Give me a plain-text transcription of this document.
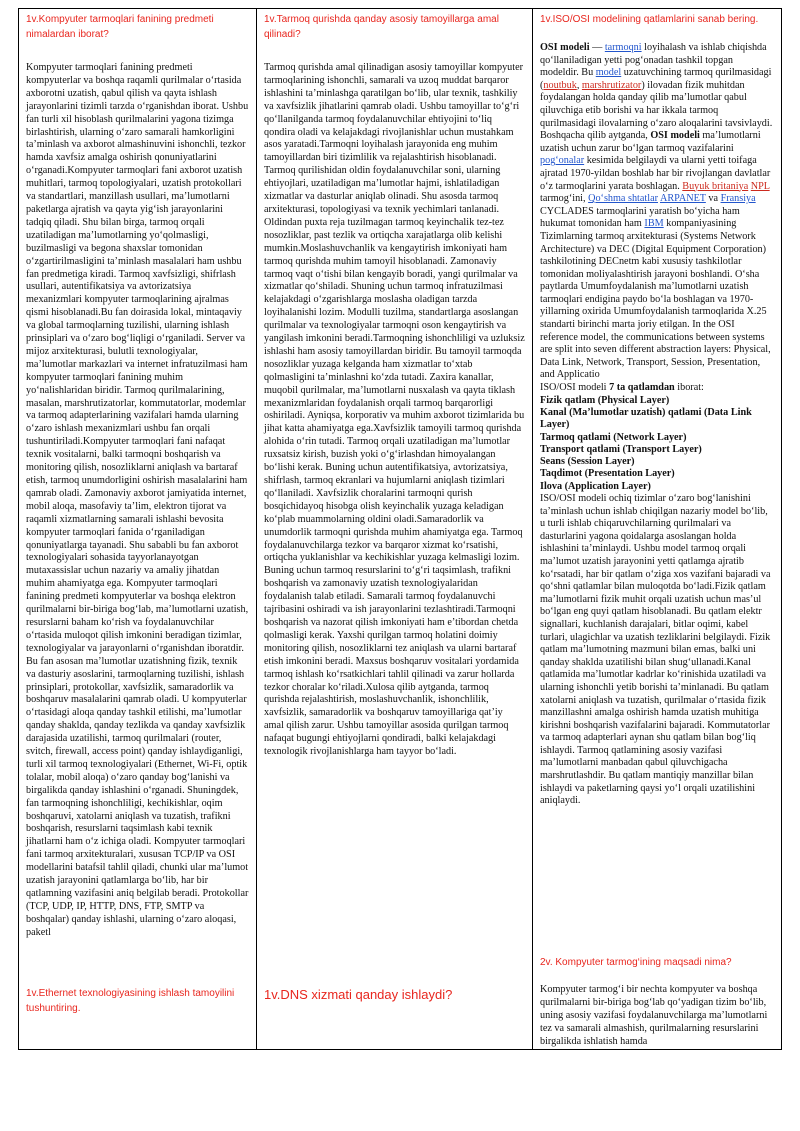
1v.Kompyuter tarmoqlari fanining predmeti nimalardan iborat?

Kompyuter tarmoqlari fanining predmeti kompyuterlar va boshqa raqamli qurilmalar o‘rtasida axborotni uzatish, qabul qilish va qayta ishlash jarayonlarini tizimli tarzda o‘rganishdan iborat. Ushbu fan turli xil hisoblash qurilmalarini yagona tizimga birlashtirish, ularning o‘zaro samarali hamkorligini ta’minlash va axborot almashinuvini ishonchli, tezkor hamda xavfsiz amalga oshirish qonuniyatlarini o‘rganadi.Kompyuter tarmoqlari fani axborot uzatish muhitlari, tarmoq topologiyalari, uzatish protokollari va standartlari, manzillash usullari, ma’lumotlarni paketlarga ajratish va qayta yig‘ish jarayonlarini tadqiq qiladi. Shu bilan birga, tarmoq orqali uzatiladigan ma’lumotlarning yo‘qolmasligi, buzilmasligi va begona shaxslar tomonidan o‘zgartirilmasligini ta’minlash masalalari ham ushbu fan predmetiga kiradi. Tarmoq xavfsizligi, shifrlash usullari, autentifikatsiya va avtorizatsiya mexanizmlari kompyuter tarmoqlarining ajralmas qismi hisoblanadi.Bu fan doirasida lokal, mintaqaviy va global tarmoqlarning tuzilishi, ularning ishlash prinsiplari va o‘zaro bog‘liqligi o‘rganiladi. Server va mijoz arxitekturasi, bulutli texnologiyalar, ma’lumotlar markazlari va internet infratuzilmasi ham kompyuter tarmoqlari fanining muhim yo‘nalishlaridan biridir. Tarmoq qurilmalarining, masalan, marshrutizatorlar, kommutatorlar, modemlar va tarmoq adapterlarining vazifalari hamda ularning o‘zaro ishlash mexanizmlari ushbu fan orqali tushuntiriladi.Kompyuter tarmoqlari fani nafaqat texnik vositalarni, balki tarmoqni boshqarish va monitoring qilish, nosozliklarni aniqlash va bartaraf etish, tarmoq unumdorligini oshirish masalalarini ham qamrab oladi. Zamonaviy axborot jamiyatida internet, mobil aloqa, masofaviy ta’lim, elektron tijorat va raqamli xizmatlarning samarali ishlashi bevosita kompyuter tarmoqlari fanida o‘rganiladigan qonuniyatlarga tayanadi. Shu sababli bu fan axborot texnologiyalari sohasida tayyorlanayotgan mutaxassislar uchun nazariy va amaliy jihatdan muhim ahamiyatga ega. Kompyuter tarmoqlari fanining predmeti kompyuterlar va boshqa elektron qurilmalarni bir-biriga bog‘lab, ma’lumotlarni uzatish, resurslarni baham ko‘rish va foydalanuvchilar o‘rtasida muloqot qilish imkonini beradigan tizimlar, texnologiyalar va jarayonlarni o‘rganishdan iboratdir. Bu fan asosan ma’lumotlar uzatishning fizik, texnik va dasturiy asoslarini, tarmoqlarning tuzilishi, ishlash prinsiplari, protokollar, xavfsizlik, samaradorlik va boshqaruv masalalarini qamrab oladi. U kompyuterlar o‘rtasidagi aloqa qanday tashkil etilishi, ma’lumotlar qanday shaklda, qanday tezlikda va qanday xavfsizlik darajasida uzatilishi, tarmoq qurilmalari (router, svitch, firewall, access point) qanday ishlaydiganligi, turli xil tarmoq texnologiyalari (Ethernet, Wi-Fi, optik tolalar, mobil aloqa) o‘zaro qanday bog‘lanishi va birgalikda qanday ishlashini o‘rganadi. Shuningdek, fan tarmoqning ishonchliligi, kechikishlar, oqim boshqaruvi, xatolarni aniqlash va tuzatish, trafikni boshqarish, resurslarni taqsimlash kabi texnik jihatlarni ham o‘z ichiga oladi. Kompyuter tarmoqlari fani tarmoq arxitekturalari, xususan TCP/IP va OSI modellarini batafsil tahlil qiladi, chunki ular ma’lumot uzatish jarayonini qatlamlarga bo‘lib, har bir qatlamning vazifasini aniq belgilab beradi. Protokollar (TCP, UDP, IP, HTTP, DNS, FTP, SMTP va boshqalar) qanday ishlashi, ularning o‘zaro aloqasi, paketl

1v.Ethernet texnologiyasining ishlash tamoyilini tushuntiring.

1v.Tarmoq qurishda qanday asosiy tamoyillarga amal qilinadi?

Tarmoq qurishda amal qilinadigan asosiy tamoyillar kompyuter tarmoqlarining ishonchli, samarali va uzoq muddat barqaror ishlashini ta’minlashga qaratilgan bo‘lib, ular texnik, tashkiliy va xavfsizlik jihatlarini qamrab oladi. Ushbu tamoyillar to‘g‘ri qo‘llanilganda tarmoq foydalanuvchilar ehtiyojini to‘liq qondira oladi va kelajakdagi rivojlanishlar uchun mustahkam asos yaratadi.Tarmoqni loyihalash jarayonida eng muhim tamoyillardan biri tizimlilik va rejalashtirish hisoblanadi. Tarmoq qurilishidan oldin foydalanuvchilar soni, ularning ehtiyojlari, uzatiladigan ma’lumotlar hajmi, ishlatiladigan xizmatlar va dasturlar aniqlab olinadi. Shu asosda tarmoq arxitekturasi, topologiyasi va texnik yechimlari tanlanadi. Oldindan puxta reja tuzilmagan tarmoq keyinchalik tez-tez nosozliklar, past tezlik va ortiqcha xarajatlarga olib kelishi mumkin.Moslashuvchanlik va kengaytirish imkoniyati ham tarmoq qurishda muhim tamoyil hisoblanadi. Zamonaviy tarmoq vaqt o‘tishi bilan kengayib boradi, yangi qurilmalar va xizmatlar qo‘shiladi. Shuning uchun tarmoq infratuzilmasi kelajakdagi o‘zgarishlarga moslasha oladigan tarzda loyihalanishi lozim. Modulli tuzilma, standartlarga asoslangan qurilmalar va texnologiyalar tarmoqni oson kengaytirish va yangilash imkonini beradi.Tarmoqning ishonchliligi va uzluksiz ishlashi ham asosiy tamoyillardan biridir. Bu tamoyil tarmoqda nosozliklar yuzaga kelganda ham xizmatlar to‘xtab qolmasligini ta’minlashni ko‘zda tutadi. Zaxira kanallar, muqobil qurilmalar, ma’lumotlarni nusxalash va qayta tiklash mexanizmlaridan foydalanish orqali tarmoq barqarorligi oshiriladi. Ayniqsa, korporativ va muhim axborot tizimlarida bu jihat katta ahamiyatga ega.Xavfsizlik tamoyili tarmoq qurishda alohida o‘rin tutadi. Tarmoq orqali uzatiladigan ma’lumotlar ruxsatsiz kirish, buzish yoki o‘g‘irlashdan himoyalangan bo‘lishi kerak. Buning uchun autentifikatsiya, avtorizatsiya, shifrlash, tarmoq ekranlari va hujumlarni aniqlash tizimlari qo‘llaniladi. Xavfsizlik choralarini tarmoqni qurish bosqichidayoq hisobga olish keyinchalik yuzaga keladigan ko‘plab muammolarning oldini oladi.Samaradorlik va unumdorlik tarmoqni qurishda muhim ahamiyatga ega. Tarmoq foydalanuvchilarga tezkor va barqaror xizmat ko‘rsatishi, ortiqcha yuklanishlar va kechikishlar yuzaga kelmasligi lozim. Buning uchun tarmoq resurslarini to‘g‘ri taqsimlash, trafikni boshqarish va zamonaviy uzatish texnologiyalaridan foydalanish talab etiladi. Samarali tarmoq foydalanuvchi tajribasini oshiradi va ish jarayonlarini tezlashtiradi.Tarmoqni boshqarish va nazorat qilish imkoniyati ham e’tibordan chetda qolmasligi kerak. Yaxshi qurilgan tarmoq holatini doimiy monitoring qilish, nosozliklarni tez aniqlash va ularni bartaraf etish imkonini beradi. Maxsus boshqaruv vositalari yordamida tarmoq ishlash ko‘rsatkichlari tahlil qilinadi va zarur hollarda tezkor choralar ko‘riladi.Xulosa qilib aytganda, tarmoq qurishda rejalashtirish, moslashuvchanlik, ishonchlilik, xavfsizlik, samaradorlik va boshqaruv tamoyillariga qat’iy amal qilish zarur. Ushbu tamoyillar asosida qurilgan tarmoq nafaqat bugungi ehtiyojlarni qondiradi, balki kelajakdagi texnologik rivojlanishlarga ham tayyor bo‘ladi.

1v.DNS xizmati qanday ishlaydi?

1v.ISO/OSI modelining qatlamlarini sanab bering.

OSI modeli — tarmoqni loyihalash va ishlab chiqishda qo‘llaniladigan yetti pog‘onadan tashkil topgan modeldir. Bu model uzatuvchining tarmoq qurilmasidagi (noutbuk, marshrutizator) ilovadan fizik muhitdan foydalangan holda qanday qilib ma’lumotlar qabul qiluvchiga etib borishi va har ikkala tarmoq qurilmasidagi ilovalarning o‘zaro aloqalarini tavsivlaydi. Boshqacha qilib aytganda, OSI modeli ma’lumotlarni uzatish uchun zarur bo‘lgan tarmoq vazifalarini pog‘onalar kesimida belgilaydi va ularni yetti toifaga ajratad 1970-yildan boshlab har bir rivojlangan davlatlar o‘z tarmoqlarini yarata boshlagan. Buyuk britaniya NPL tarmog‘ini, Qo‘shma shtatlar ARPANET va Fransiya CYCLADES tarmoqlarini yaratish bo‘yicha ham hukumat tomonidan ham IBM kompaniyasining Tizimlarning tarmoq arxitekturasi (Systems Network Architecture) va DEC (Digital Equipment Corporation) tashkilotining DECnetm kabi xususiy tashkilotlar tomonidan moliyalashtirish jarayoni boshlandi. O‘sha paytlarda Umumfoydalanish ma’lumotlarni uzatish tarmoqlari endigina paydo bo‘la boshlagan va 1970-yillarning oxirida Umumfoydalanish tarmoqlarida X.25 standarti birinchi marta joriy etilgan. In the OSI reference model, the communications between systems are split into seven different abstraction layers: Physical, Data Link, Network, Transport, Session, Presentation, and Applicatio

ISO/OSI modeli 7 ta qatlamdan iborat:

Fizik qatlam (Physical Layer)
Kanal (Ma’lumotlar uzatish) qatlami (Data Link Layer)
Tarmoq qatlami (Network Layer)
Transport qatlami (Transport Layer)
Seans (Session Layer)
Taqdimot (Presentation Layer)
Ilova (Application Layer)

ISO/OSI modeli ochiq tizimlar o‘zaro bog‘lanishini ta’minlash uchun ishlab chiqilgan nazariy model bo‘lib, u turli ishlab chiqaruvchilarning qurilmalari va dasturlarini yagona qoidalarga asoslangan holda ishlashini ta’minlaydi. Ushbu model tarmoq orqali ma’lumot uzatish jarayonini yetti qatlamga ajratib ko‘rsatadi, har bir qatlam o‘ziga xos vazifani bajaradi va qo‘shni qatlamlar bilan muloqotda bo‘ladi.Fizik qatlam ma’lumotlarni fizik muhit orqali uzatish uchun mas’ul bo‘lgan eng quyi qatlam hisoblanadi. Bu qatlam elektr signallari, kuchlanish darajalari, bitlar oqimi, kabel turlari, ulagichlar va uzatish tezliklarini belgilaydi. Fizik qatlam ma’lumotning mazmuni bilan emas, balki uni qanday shaklda uzatilishi bilan shug‘ullanadi.Kanal qatlamida ma’lumotlar kadrlar ko‘rinishida uzatiladi va ularning ishonchli yetib borishi ta’minlanadi. Bu qatlam xatolarni aniqlash va tuzatish, qurilmalar o‘rtasida fizik manzillashni amalga oshirish hamda uzatish muhitiga kirishni boshqarish vazifalarini bajaradi. Kommutatorlar va tarmoq adapterlari aynan shu qatlam bilan bog‘liq ishlaydi. Tarmoq qatlamining asosiy vazifasi ma’lumotlarni manbadan qabul qiluvchigacha marshrutlashdir. Bu qatlam mantiqiy manzillar bilan ishlaydi va paketlarning qaysi yo‘l orqali uzatilishini aniqlaydi.

2v. Kompyuter tarmog‘ining maqsadi nima?

Kompyuter tarmog‘i bir nechta kompyuter va boshqa qurilmalarni bir-biriga bog‘lab qo‘yadigan tizim bo‘lib, uning asosiy vazifasi foydalanuvchilarga ma’lumotlarni tez va samarali almashish, qurilmalarning resurslarini birgalikda ishlatish hamda
